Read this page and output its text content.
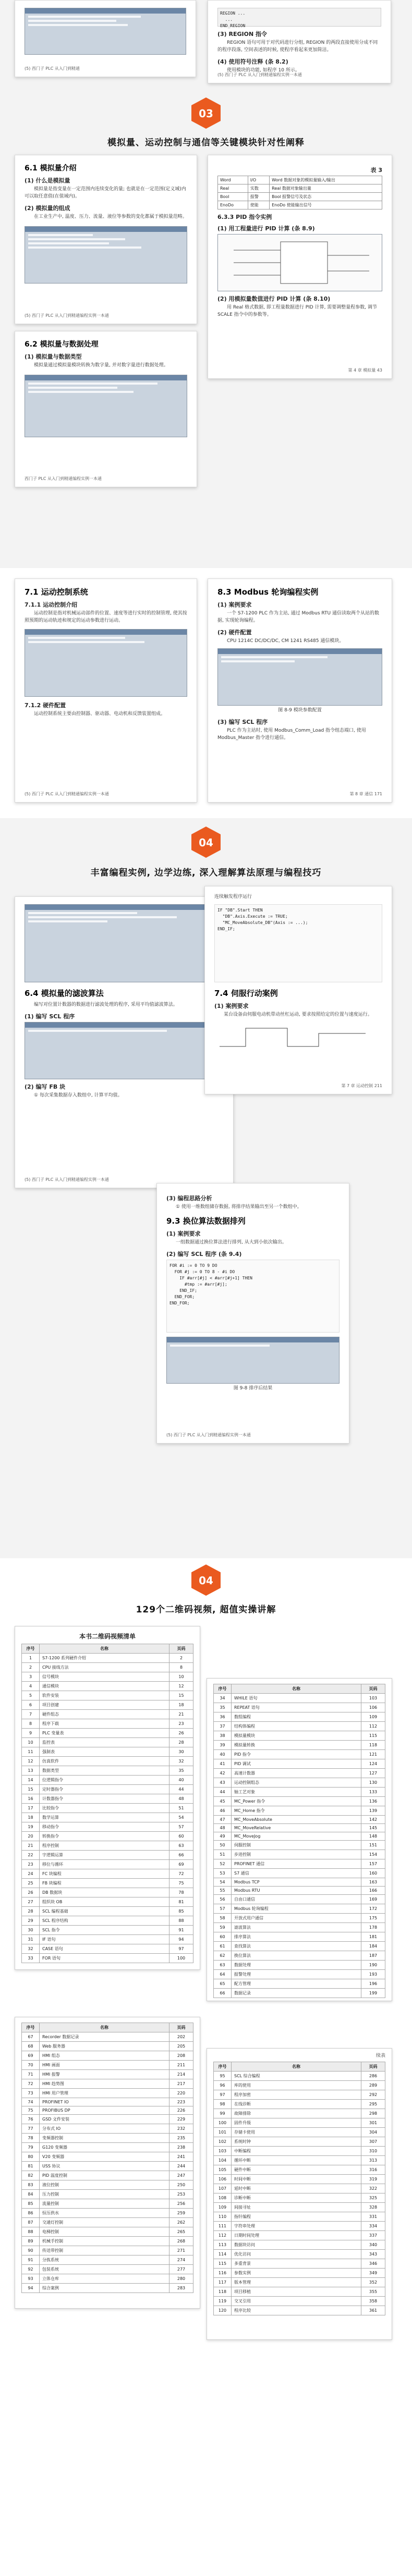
(5) 西门子 PLC 从入门到精通
REGION ...
...
END_REGION
(3) REGION 指令

REGION 语句可用于对代码进行分组, REGION 的两段直接使用分成不同的程序段落, 空间表述的时候, 使程序看起来更加简洁。

(4) 使用符号注释 (条 8.2)

使用模块的功能, 如程序 10 所示。

(5) 西门子 PLC 从入门到精通编程实例一本通
03
模拟量、运动控制与通信等关键模块针对性阐释
6.1 模拟量介绍
(1) 什么是模拟量

模拟量是指变量在一定范围内连续变化的量; 也就是在一定范围(定义域)内可以取任意值(在值域内)。

(2) 模拟量的组成

在工业生产中, 温度、压力、流量、液位等参数的变化都属于模拟量范畴。

(5) 西门子 PLC 从入门到精通编程实例一本通
6.2 模拟量与数据处理
(1) 模拟量与数据类型

模拟量通过模拟量模块转换为数字量, 并对数字量进行数据处理。

西门子 PLC 从入门到精通编程实例一本通
表 3
Word	I/O	Word 数据对象的模拟量输入/输出
Real	实数	Real 数据对象输出量
Bool	报警	Bool 报警信号及状态
EnoDo	使能	EnoDo 使能输出信号
6.3.3 PID 指令实例
(1) 用工程量进行 PID 计算 (条 8.9)
(2) 用模拟量数值进行 PID 计算 (条 8.10)

用 Real 格式数据, 即工程量数据进行 PID 计算, 需要调整量程参数, 调节 SCALE 指令中的参数等。

第 4 章 模拟量 43
7.1 运动控制系统
7.1.1 运动控制介绍

运动控制是指对机械运动部件的位置、速度等进行实时的控制管理, 使其按照预期的运动轨迹和规定的运动参数进行运动。

7.1.2 硬件配置

运动控制系统主要由控制器、驱动器、电动机和反馈装置组成。

(5) 西门子 PLC 从入门到精通编程实例一本通
8.3 Modbus 轮询编程实例
(1) 案例要求

一个 S7-1200 PLC 作为主站, 通过 Modbus RTU 通信读取两个从站的数据, 实现轮询编程。

(2) 硬件配置

CPU 1214C DC/DC/DC, CM 1241 RS485 通信模块。

图 8-9 模块参数配置
(3) 编写 SCL 程序

PLC 作为主站时, 使用 Modbus_Comm_Load 指令组态端口, 使用 Modbus_Master 指令进行通信。

第 8 章 通信 171
04
丰富编程实例, 边学边练, 深入理解算法原理与编程技巧
6.4 模拟量的滤波算法

编写对位置计数器的数据进行滤波处理的程序, 采用平均值滤波算法。

(1) 编写 SCL 程序
(2) 编写 FB 块

① 每次采集数据存入数组中, 计算平均值。

(5) 西门子 PLC 从入门到精通编程实例一本通
连续触发程序运行
IF "DB".Start THEN
"DB".Axis.Execute := TRUE;
"MC_MoveAbsolute_DB"(Axis := ...);
END_IF;
7.4 伺服行动案例
(1) 案例要求

某台设备由伺服电动机带动丝杠运动, 要求按照给定的位置与速度运行。

第 7 章 运动控制 211
(3) 编程思路分析

① 使用一维数组储存数据, 将排序结果输出至另一个数组中。

9.3 换位算法数据排列
(1) 案例要求

一组数据通过换位算法进行排列, 从大到小依次输出。

(2) 编写 SCL 程序 (条 9.4)
FOR #i := 0 TO 9 DO
FOR #j := 0 TO 8 - #i DO
IF #arr[#j] < #arr[#j+1] THEN
#tmp := #arr[#j];
END_IF;
END_FOR;
END_FOR;
图 9-8 排序后结果
(5) 西门子 PLC 从入门到精通编程实例一本通
04
129个二维码视频, 超值实操讲解
本书二维码视频清单
序号	名称	页码
1	S7-1200 系列硬件介绍	2
2	CPU 接线方法	8
3	信号模块	10
4	通信模块	12
5	软件安装	15
6	项目创建	18
7	硬件组态	21
8	程序下载	23
9	PLC 变量表	26
10	监控表	28
11	强制表	30
12	仿真软件	32
13	数据类型	35
14	位逻辑指令	40
15	定时器指令	44
16	计数器指令	48
17	比较指令	51
18	数学运算	54
19	移动指令	57
20	转换指令	60
21	程序控制	63
22	字逻辑运算	66
23	移位与循环	69
24	FC 块编程	72
25	FB 块编程	75
26	DB 数据块	78
27	组织块 OB	81
28	SCL 编程基础	85
29	SCL 程序结构	88
30	SCL 指令	91
31	IF 语句	94
32	CASE 语句	97
33	FOR 语句	100
序号	名称	页码
34	WHILE 语句	103
35	REPEAT 语句	106
36	数组编程	109
37	结构体编程	112
38	模拟量模块	115
39	模拟量转换	118
40	PID 指令	121
41	PID 调试	124
42	高速计数器	127
43	运动控制组态	130
44	轴工艺对象	133
45	MC_Power 指令	136
46	MC_Home 指令	139
47	MC_MoveAbsolute	142
48	MC_MoveRelative	145
49	MC_MoveJog	148
50	伺服控制	151
51	步进控制	154
52	PROFINET 通信	157
53	S7 通信	160
54	Modbus TCP	163
55	Modbus RTU	166
56	自由口通信	169
57	Modbus 轮询编程	172
58	开放式用户通信	175
59	滤波算法	178
60	排序算法	181
61	查找算法	184
62	换位算法	187
63	数据处理	190
64	报警处理	193
65	配方管理	196
66	数据记录	199
序号	名称	页码
67	Recorder 数据记录	202
68	Web 服务器	205
69	HMI 组态	208
70	HMI 画面	211
71	HMI 报警	214
72	HMI 趋势图	217
73	HMI 用户管理	220
74	PROFINET IO	223
75	PROFIBUS DP	226
76	GSD 文件安装	229
77	分布式 IO	232
78	变频器控制	235
79	G120 变频器	238
80	V20 变频器	241
81	USS 协议	244
82	PID 温度控制	247
83	液位控制	250
84	压力控制	253
85	流量控制	256
86	恒压供水	259
87	交通灯控制	262
88	电梯控制	265
89	机械手控制	268
90	传送带控制	271
91	分拣系统	274
92	包装系统	277
93	立体仓库	280
94	综合案例	283
续表
序号	名称	页码
95	SCL 综合编程	286
96	库的使用	289
97	程序加密	292
98	在线诊断	295
99	故障排除	298
100	固件升级	301
101	存储卡使用	304
102	系统时钟	307
103	中断编程	310
104	循环中断	313
105	硬件中断	316
106	时间中断	319
107	延时中断	322
108	诊断中断	325
109	间接寻址	328
110	指针编程	331
111	字符串处理	334
112	日期时间处理	337
113	数据块访问	340
114	优化访问	343
115	多重背景	346
116	参数实例	349
117	版本管理	352
118	项目移植	355
119	交叉引用	358
120	程序比较	361
